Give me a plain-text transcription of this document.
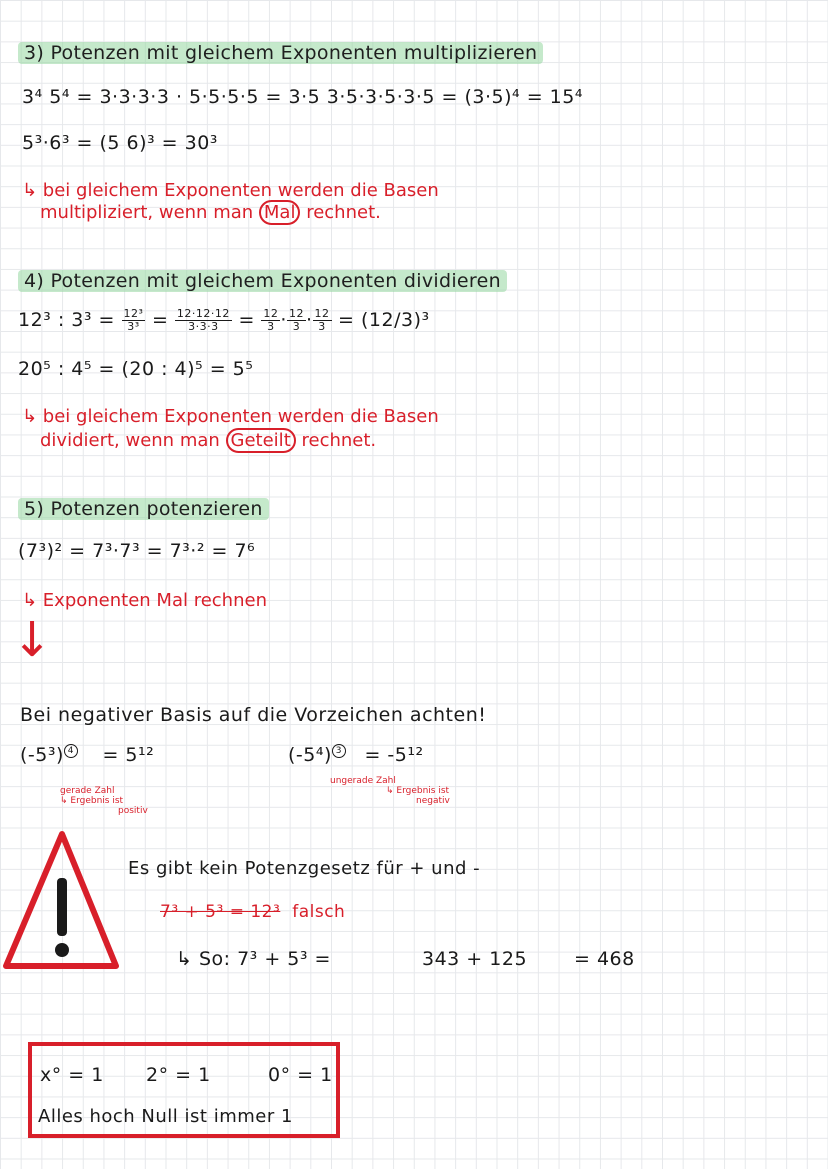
3) Potenzen mit gleichem Exponenten multiplizieren
3⁴ 5⁴ = 3·3·3·3 · 5·5·5·5 = 3·5 3·5·3·5·3·5 = (3·5)⁴ = 15⁴
5³·6³ = (5 6)³ = 30³
↳ bei gleichem Exponenten werden die Basen
multipliziert, wenn man Mal rechnet.
4) Potenzen mit gleichem Exponenten dividieren
12³ : $3^3 = \frac{\text{12³}}{\text{3³}} = \frac{12\cdot 12\cdot 12}{3\cdot 3\cdot 3} = \frac{12}{3} \cdot \frac{12}{3} \cdot \frac{12}{3} = (12/3)^3$
20⁵ : 4⁵ = (20 : 4)⁵ = 5⁵
↳ bei gleichem Exponenten werden die Basen
dividiert, wenn man Geteilt rechnet.
5) Potenzen potenzieren
(7³)² = 7³·7³ = 7³·² = 7⁶
↳ Exponenten Mal rechnen
↓
Bei negativer Basis auf die Vorzeichen achten!
(-5³) 4 = 5¹²
gerade Zahl
↳ Ergebnis ist
positiv
(-5⁴) 3 = -5¹²
ungerade Zahl
↳ Ergebnis ist
negativ
Es gibt kein Potenzgesetz für + und -
7³ + 5³ = 12³ falsch
↳ So: 7³ + 5³ =	343 + 125 = 468
x° = 1 2° = 1	0° = 1
Alles hoch Null ist immer 1
